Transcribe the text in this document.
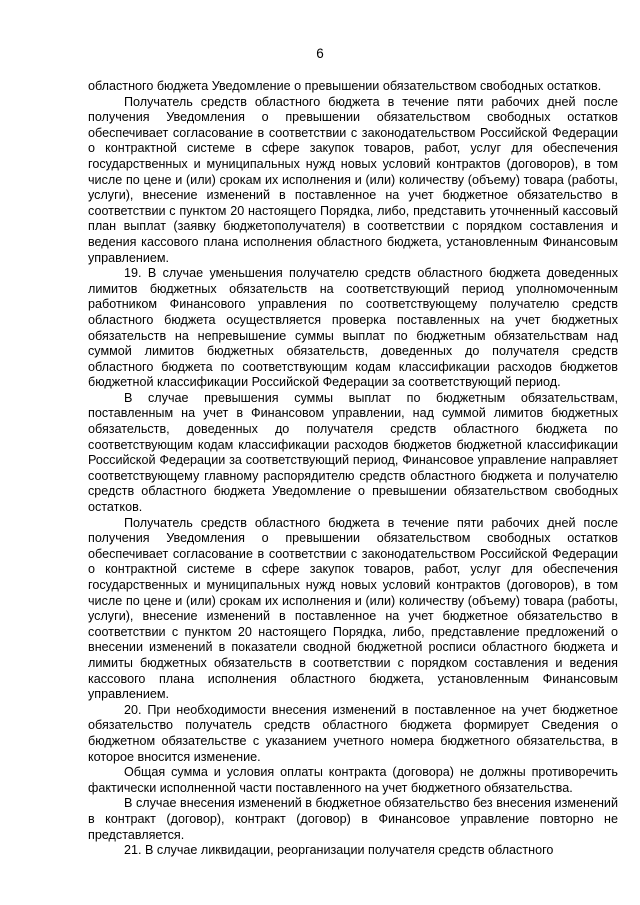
6

областного бюджета Уведомление о превышении обязательством свободных остатков.

Получатель средств областного бюджета в течение пяти рабочих дней после получения Уведомления о превышении обязательством свободных остатков обеспечивает согласование в соответствии с законодательством Российской Федерации о контрактной системе в сфере закупок товаров, работ, услуг для обеспечения государственных и муниципальных нужд новых условий контрактов (договоров), в том числе по цене и (или) срокам их исполнения и (или) количеству (объему) товара (работы, услуги), внесение изменений в поставленное на учет бюджетное обязательство в соответствии с пунктом 20 настоящего Порядка, либо, представить уточненный кассовый план выплат (заявку бюджетополучателя) в соответствии с порядком составления и ведения кассового плана исполнения областного бюджета, установленным Финансовым управлением.

19. В случае уменьшения получателю средств областного бюджета доведенных лимитов бюджетных обязательств на соответствующий период уполномоченным работником Финансового управления по соответствующему получателю средств областного бюджета осуществляется проверка поставленных на учет бюджетных обязательств на непревышение суммы выплат по бюджетным обязательствам над суммой лимитов бюджетных обязательств, доведенных до получателя средств областного бюджета по соответствующим кодам классификации расходов бюджетов бюджетной классификации Российской Федерации за соответствующий период.

В случае превышения суммы выплат по бюджетным обязательствам, поставленным на учет в Финансовом управлении, над суммой лимитов бюджетных обязательств, доведенных до получателя средств областного бюджета по соответствующим кодам классификации расходов бюджетов бюджетной классификации Российской Федерации за соответствующий период, Финансовое управление направляет соответствующему главному распорядителю средств областного бюджета и получателю средств областного бюджета Уведомление о превышении обязательством свободных остатков.

Получатель средств областного бюджета в течение пяти рабочих дней после получения Уведомления о превышении обязательством свободных остатков обеспечивает согласование в соответствии с законодательством Российской Федерации о контрактной системе в сфере закупок товаров, работ, услуг для обеспечения государственных и муниципальных нужд новых условий контрактов (договоров), в том числе по цене и (или) срокам их исполнения и (или) количеству (объему) товара (работы, услуги), внесение изменений в поставленное на учет бюджетное обязательство в соответствии с пунктом 20 настоящего Порядка, либо, представление предложений о внесении изменений в показатели сводной бюджетной росписи областного бюджета и лимиты бюджетных обязательств в соответствии с порядком составления и ведения кассового плана исполнения областного бюджета, установленным Финансовым управлением.

20. При необходимости внесения изменений в поставленное на учет бюджетное обязательство получатель средств областного бюджета формирует Сведения о бюджетном обязательстве с указанием учетного номера бюджетного обязательства, в которое вносится изменение.

Общая сумма и условия оплаты контракта (договора) не должны противоречить фактически исполненной части поставленного на учет бюджетного обязательства.

В случае внесения изменений в бюджетное обязательство без внесения изменений в контракт (договор), контракт (договор) в Финансовое управление повторно не представляется.

21. В случае ликвидации, реорганизации получателя средств областного
